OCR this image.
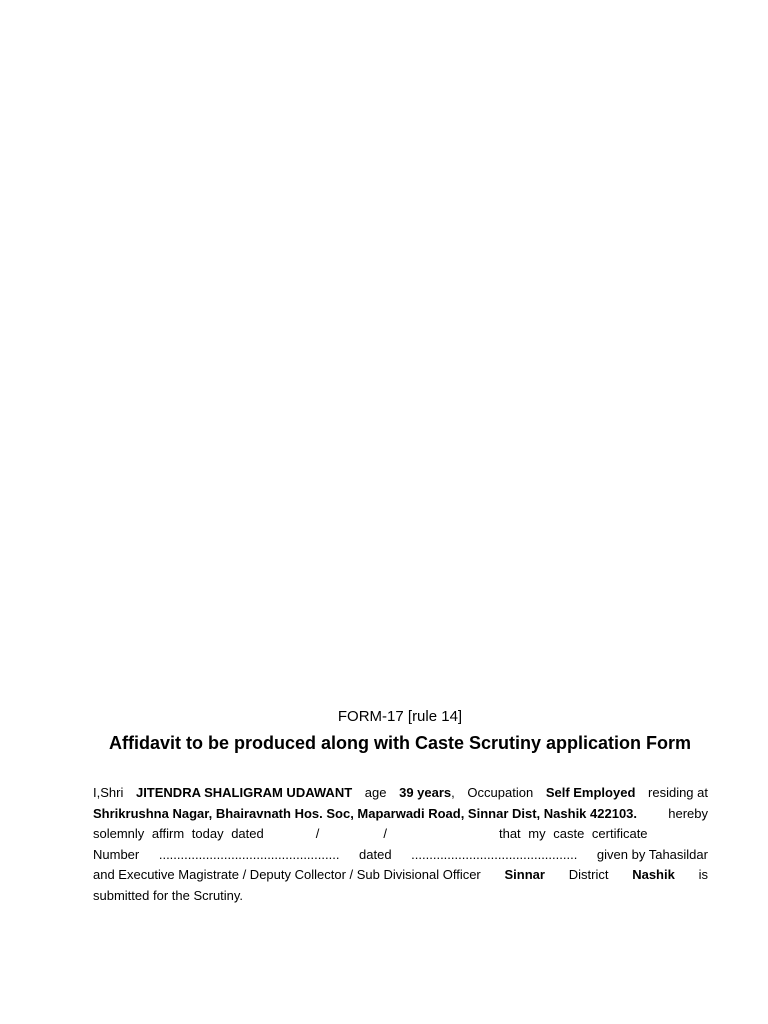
FORM-17 [rule 14]
Affidavit to be produced along with Caste Scrutiny application Form
I,Shri JITENDRA SHALIGRAM UDAWANT age 39 years, Occupation Self Employed residing at
Shrikrushna Nagar, Bhairavnath Hos. Soc, Maparwadi Road, Sinnar Dist, Nashik 422103. hereby
solemnly affirm today dated	/	/	that my caste certificate
Number .................................................. dated .............................................. given by Tahasildar
and Executive Magistrate / Deputy Collector / Sub Divisional Officer Sinnar District Nashik is
submitted for the Scrutiny.
